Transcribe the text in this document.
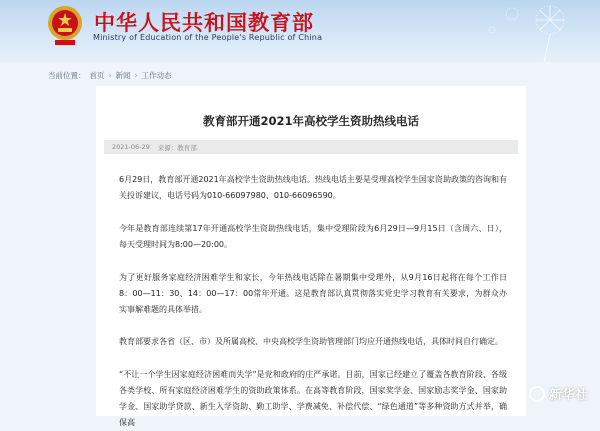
中华人民共和国教育部
Ministry of Education of the People's Republic of China
当前位置： 首页 › 新闻 › 工作动态
教育部开通2021年高校学生资助热线电话
2021-06-29 来源：教育部

6月29日，教育部开通2021年高校学生资助热线电话。热线电话主要是受理高校学生国家资助政策的咨询和有关投诉建议，电话号码为010-66097980、010-66096590。

今年是教育部连续第17年开通高校学生资助热线电话，集中受理阶段为6月29日—9月15日（含周六、日），每天受理时间为8:00—20:00。

为了更好服务家庭经济困难学生和家长，今年热线电话除在暑期集中受理外，从9月16日起将在每个工作日8：00—11：30、14：00—17：00常年开通。这是教育部认真贯彻落实党史学习教育有关要求，为群众办实事解难题的具体举措。

教育部要求各省（区、市）及所属高校、中央高校学生资助管理部门均应开通热线电话，具体时间自行确定。

“不让一个学生因家庭经济困难而失学”是党和政府的庄严承诺。目前，国家已经建立了覆盖各教育阶段、各级各类学校、所有家庭经济困难学生的资助政策体系。在高等教育阶段，国家奖学金、国家励志奖学金、国家助学金、国家助学贷款、新生入学资助、勤工助学、学费减免、补偿代偿、“绿色通道”等多种资助方式并举，确保高

新华社
